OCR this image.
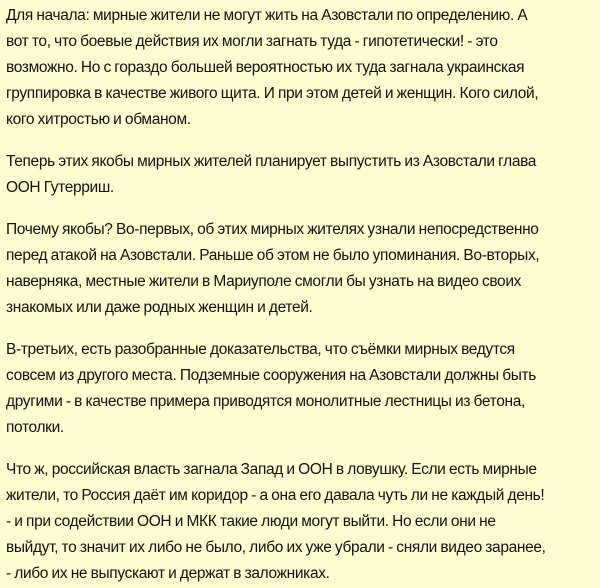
Для начала: мирные жители не могут жить на Азовстали по определению. А
вот то, что боевые действия их могли загнать туда - гипотетически! - это
возможно. Но с гораздо большей вероятностью их туда загнала украинская
группировка в качестве живого щита. И при этом детей и женщин. Кого силой,
кого хитростью и обманом.
Теперь этих якобы мирных жителей планирует выпустить из Азовстали глава
ООН Гутерриш.
Почему якобы? Во-первых, об этих мирных жителях узнали непосредственно
перед атакой на Азовстали. Раньше об этом не было упоминания. Во-вторых,
наверняка, местные жители в Мариуполе смогли бы узнать на видео своих
знакомых или даже родных женщин и детей.
В-третьих, есть разобранные доказательства, что съёмки мирных ведутся
совсем из другого места. Подземные сооружения на Азовстали должны быть
другими - в качестве примера приводятся монолитные лестницы из бетона,
потолки.
Что ж, российская власть загнала Запад и ООН в ловушку. Если есть мирные
жители, то Россия даёт им коридор - а она его давала чуть ли не каждый день!
- и при содействии ООН и МКК такие люди могут выйти. Но если они не
выйдут, то значит их либо не было, либо их уже убрали - сняли видео заранее,
- либо их не выпускают и держат в заложниках.
